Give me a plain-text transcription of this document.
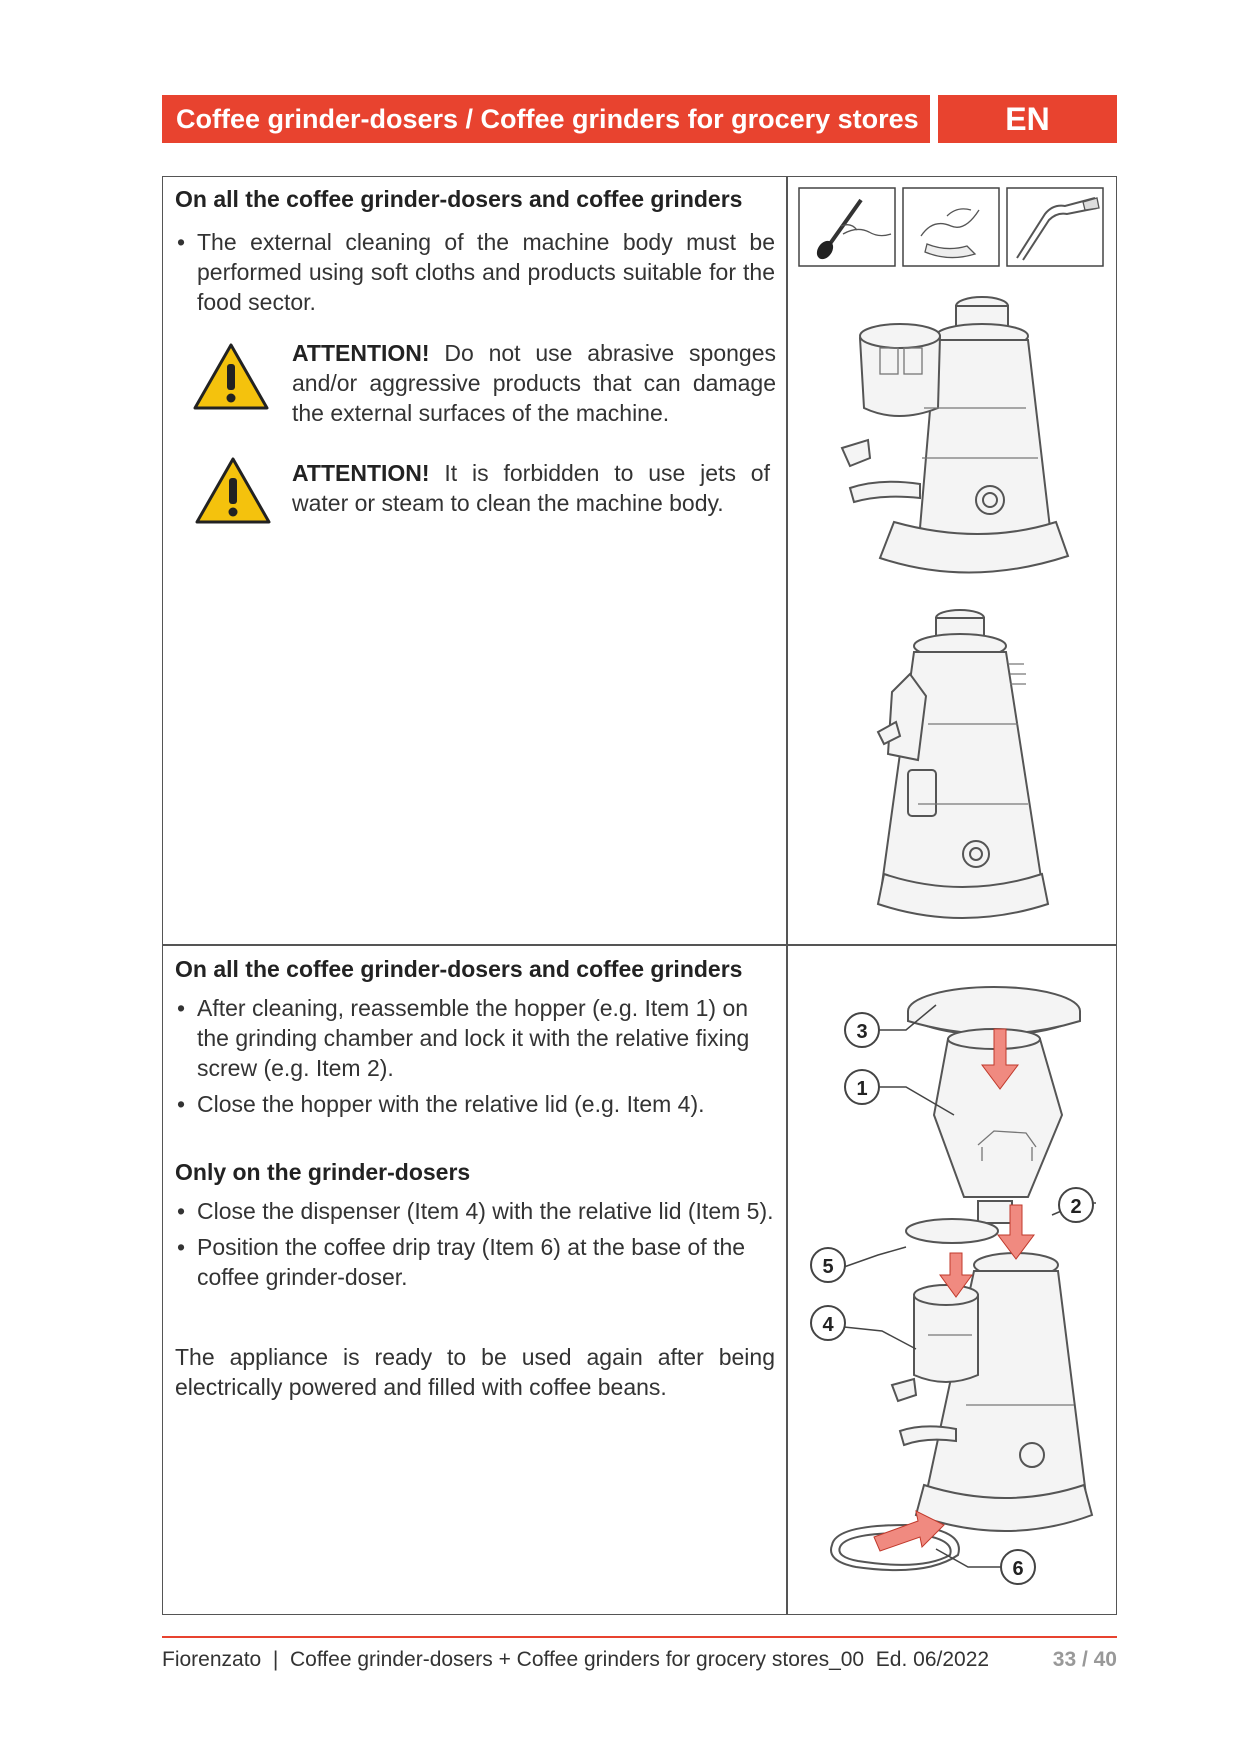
Coffee grinder-dosers / Coffee grinders for grocery stores	EN

On all the coffee grinder-dosers and coffee grinders

• The external cleaning of the machine body must be performed using soft cloths and products suitable for the food sector.
ATTENTION! Do not use abrasive sponges and/or aggressive products that can damage the external surfaces of the machine.
ATTENTION! It is forbidden to use jets of water or steam to clean the machine body.

On all the coffee grinder-dosers and coffee grinders

• After cleaning, reassemble the hopper (e.g. Item 1) on the grinding chamber and lock it with the relative fixing screw (e.g. Item 2).
• Close the hopper with the relative lid (e.g. Item 4).

Only on the grinder-dosers

• Close the dispenser (Item 4) with the relative lid (Item 5).
• Position the coffee drip tray (Item 6) at the base of the coffee grinder-doser.

The appliance is ready to be used again after being electrically powered and filled with coffee beans.

3
1
2
5
4
6
Fiorenzato  |  Coffee grinder-dosers + Coffee grinders for grocery stores_00  Ed. 06/2022	33 / 40
